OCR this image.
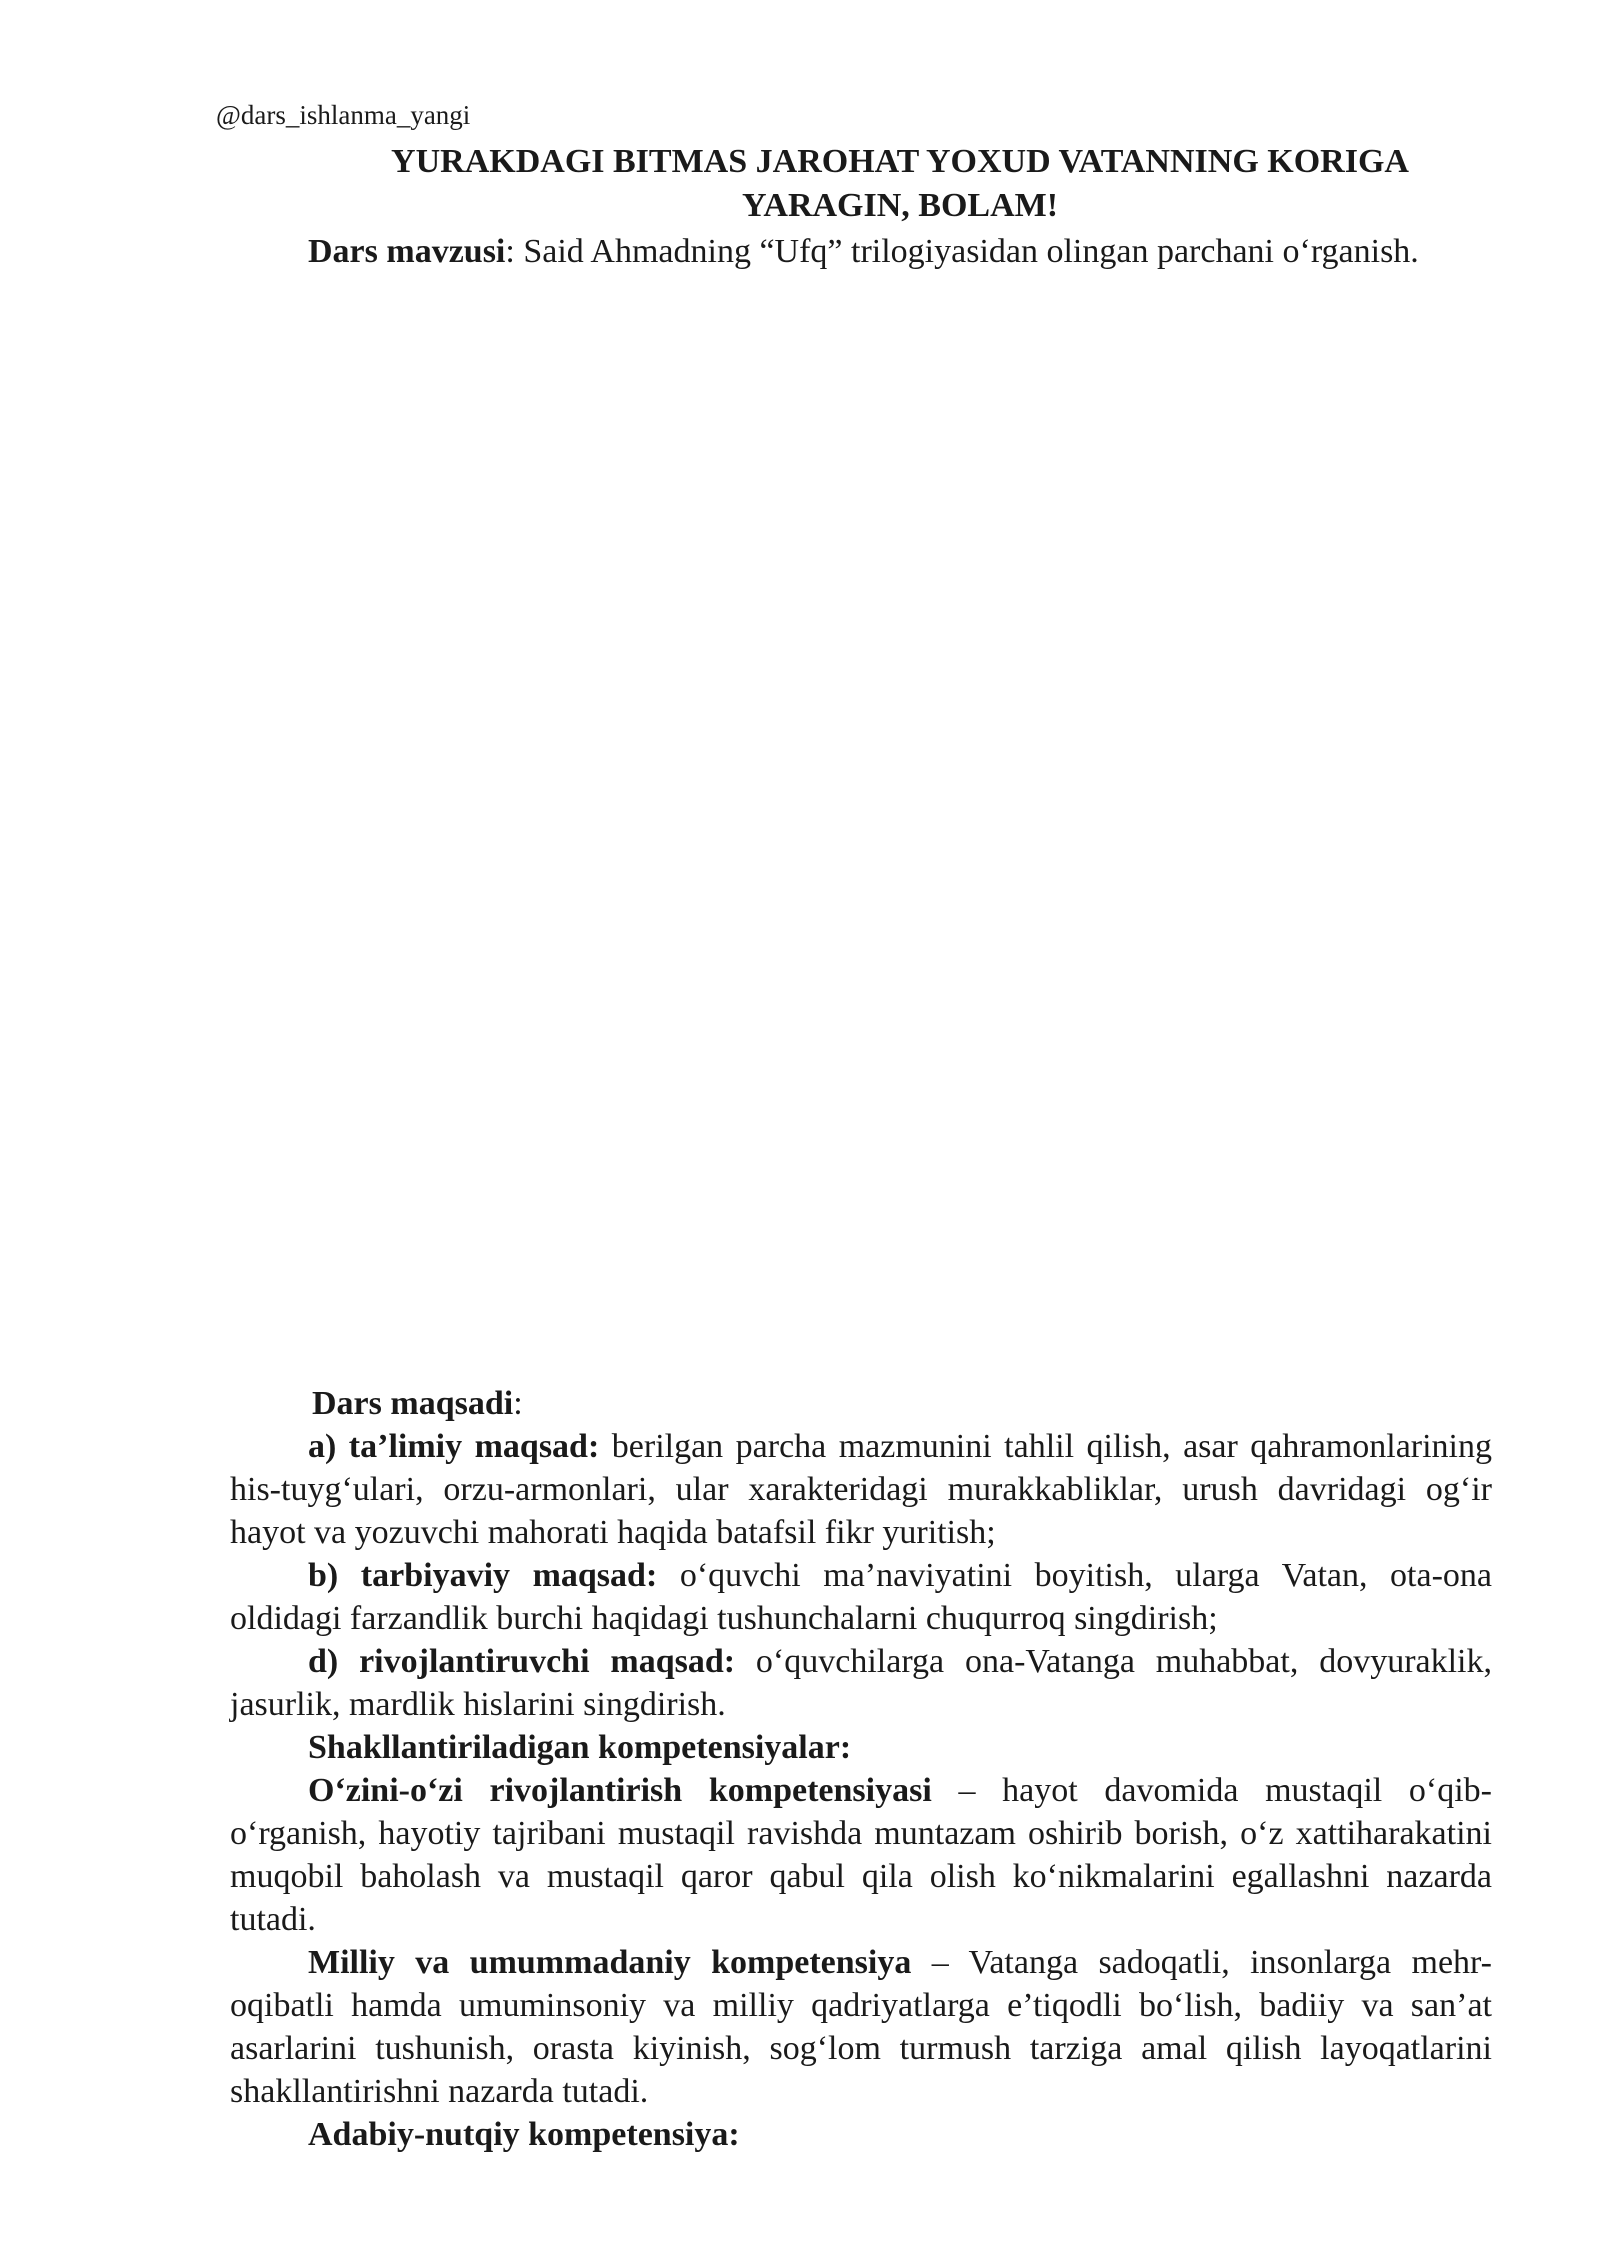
@dars_ishlanma_yangi
YURAKDAGI BITMAS JAROHAT YOXUD VATANNING KORIGA
YARAGIN, BOLAM!
Dars mavzusi: Said Ahmadning “Ufq” trilogiyasidan olingan parchani o‘rganish.

Dars maqsadi:

a) ta’limiy maqsad: berilgan parcha mazmunini tahlil qilish, asar qahramonlarining his-tuyg‘ulari, orzu-armonlari, ular xarakteridagi murakkabliklar, urush davridagi og‘ir hayot va yozuvchi mahorati haqida batafsil fikr yuritish;

b) tarbiyaviy maqsad: o‘quvchi ma’naviyatini boyitish, ularga Vatan, ota-ona oldidagi farzandlik burchi haqidagi tushunchalarni chuqurroq singdirish;

d) rivojlantiruvchi maqsad: o‘quvchilarga ona-Vatanga muhabbat, dovyuraklik, jasurlik, mardlik hislarini singdirish.

Shakllantiriladigan kompetensiyalar:

O‘zini-o‘zi rivojlantirish kompetensiyasi – hayot davomida mustaqil o‘qib-o‘rganish, hayotiy tajribani mustaqil ravishda muntazam oshirib borish, o‘z xattiharakatini muqobil baholash va mustaqil qaror qabul qila olish ko‘nikmalarini egallashni nazarda tutadi.

Milliy va umummadaniy kompetensiya – Vatanga sadoqatli, insonlarga mehr-oqibatli hamda umuminsoniy va milliy qadriyatlarga e’tiqodli bo‘lish, badiiy va san’at asarlarini tushunish, orasta kiyinish, sog‘lom turmush tarziga amal qilish layoqatlarini shakllantirishni nazarda tutadi.

Adabiy-nutqiy kompetensiya:
